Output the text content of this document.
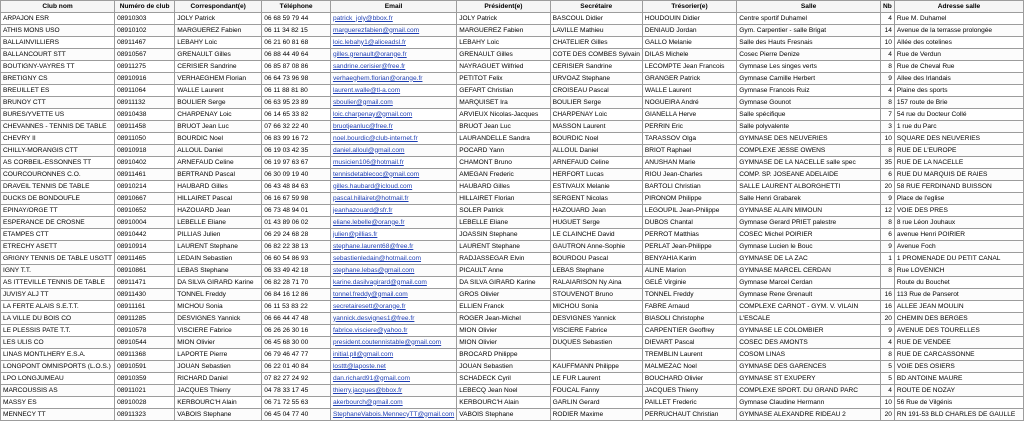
Club nom	Numéro de club	Correspondant(e)	Téléphone	Email	Président(e)	Secrétaire	Trésorier(e)	Salle	Nb	Adresse salle
ARPAJON ESR	08910303	JOLY Patrick	06 68 59 79 44	patrick_joly@bbox.fr	JOLY Patrick	BASCOUL Didier	HOUDOUIN Didier	Centre sportif Duhamel	4	Rue M. Duhamel
ATHIS MONS USO	08910102	MARGUEREZ Fabien	06 11 34 82 15	marguerezfabien@gmail.com	MARGUEREZ Fabien	LAVILLE Mathieu	DENIAUD Jordan	Gym. Carpentier - salle Brigat	14	Avenue de la terrasse prolongée
BALLAINVILLIERS	08911467	LEBAHY Loic	06 21 60 81 68	loic.lebahy1@aliceadsl.fr	LEBAHY Loic	CHATELIER Gilles	GALLO Melanie	Salle des Hauts Fresnais	10	Allée des cotelines
BALLANCOURT STT	08910567	GRENAULT Gilles	06 88 44 49 64	gilles.grenault@orange.fr	GRENAULT Gilles	COTE DES COMBES Sylvain	DILAS Michele	Cosec Pierre Denize	4	Rue de Verdun
BOUTIGNY-VAYRES TT	08911275	CERISIER Sandrine	06 85 87 08 86	sandrine.cerisier@free.fr	NAYRAGUET Wilfried	CERISIER Sandrine	LECOMPTE Jean Francois	Gymnase Les singes verts	8	Rue de Cheval Rue
BRETIGNY CS	08910916	VERHAEGHEM Florian	06 64 73 96 98	verhaeghem.florian@orange.fr	PETITOT Felix	URVOAZ Stephane	GRANGER Patrick	Gymnase Camille Herbert	9	Allee des Irlandais
BREUILLET ES	08911064	WALLE Laurent	06 11 88 81 80	laurent.walle@tl-a.com	GEFART Christian	CROISEAU Pascal	WALLE Laurent	Gymnase Francois Ruiz	4	Plaine des sports
BRUNOY CTT	08911132	BOULIER Serge	06 63 95 23 89	sboulier@gmail.com	MARQUISET Ira	BOULIER Serge	NOGUEIRA André	Gymnase Gounot	8	157 route de Brie
BURES/YVETTE US	08910438	CHARPENAY Loic	06 14 65 33 82	loic.charpenay@gmail.com	ARVIEUX Nicolas-Jacques	CHARPENAY Loic	GIANELLA Herve	Salle spécifique	7	54 rue du Docteur Collé
CHEVANNES - TENNIS DE TABLE	08911458	BRUOT Jean Luc	07 66 32 22 40	bruotjeanluc@free.fr	BRUOT Jean Luc	MASSON Laurent	PERRIN Eric	Salle polyvalente	3	1 rue du Parc
CHEVRY II	08911050	BOURDIC Noel	06 83 99 16 72	noel.bourdic@club-internet.fr	LAURANDELLE Sandra	BOURDIC Noel	TARASSOV Olga	GYMNASE DES NEUVERIES	10	SQUARE DES NEUVERIES
CHILLY-MORANGIS CTT	08910918	ALLOUL Daniel	06 19 03 42 35	daniel.alloul@gmail.com	POCARD Yann	ALLOUL Daniel	BRIOT Raphael	COMPLEXE JESSE OWENS	8	RUE DE L'EUROPE
AS CORBEIL-ESSONNES TT	08910402	ARNEFAUD Celine	06 19 97 63 67	musicien106@hotmail.fr	CHAMONT Bruno	ARNEFAUD Celine	ANUSHAN Marie	GYMNASE DE LA NACELLE salle spec	35	RUE DE LA NACELLE
COURCOURONNES C.O.	08911461	BERTRAND Pascal	06 30 09 19 40	tennisdetablecoc@gmail.com	AMEGAN Frederic	HERFORT Lucas	RIOU Jean-Charles	COMP. SP. JOSEANE ADELAIDE	6	RUE DU MARQUIS DE RAIES
DRAVEIL TENNIS DE TABLE	08910214	HAUBARD Gilles	06 43 48 84 63	gilles.haubard@icloud.com	HAUBARD Gilles	ESTIVAUX Melanie	BARTOLI Christian	SALLE LAURENT ALBORGHETTI	20	58 RUE FERDINAND BUISSON
DUCKS DE BONDOUFLE	08910667	HILLAIRET Pascal	06 16 67 59 98	pascal.hillairet@hotmail.fr	HILLAIRET Florian	SERGENT Nicolas	PIRONOM Philippe	Salle Henri Grabarek	9	Place de l'eglise
EPINAY/ORGE TT	08910652	HAZOUARD Jean	06 73 48 94 01	jeanhazouard@sfr.fr	SOLER Patrick	HAZOUARD Jean	LEGOUPIL Jean-Philippe	GYMNASE ALAIN MIMOUN	12	VOIE DES PRES
ESPERANCE DE CROSNE	08910004	LEBELLE Eliane	01 43 89 06 02	eliane.lebelle@orange.fr	LEBELLE Eliane	HUGUET Serge	DUBOS Chantal	Gymnase Gerard PRIET palestre	8	8 rue Léon Jouhaux
ETAMPES CTT	08910442	PILLIAS Julien	06 29 24 68 28	julien@pillias.fr	JOASSIN Stephane	LE CLAINCHE David	PERROT Matthias	COSEC Michel POIRIER	6	avenue Henri POIRIER
ETRECHY ASETT	08910914	LAURENT Stephane	06 82 22 38 13	stephane.laurent68@free.fr	LAURENT Stephane	GAUTRON Anne-Sophie	PERLAT Jean-Philippe	Gymnase Lucien le Bouc	9	Avenue Foch
GRIGNY TENNIS DE TABLE USGTT	08911465	LEDAIN Sebastien	06 60 54 86 93	sebastienledain@hotmail.com	RADJASSEGAR Elvin	BOURDOU Pascal	BENYAHIA Karim	GYMNASE DE LA ZAC	1	1 PROMENADE DU PETIT CANAL
IGNY T.T.	08910861	LEBAS Stephane	06 33 49 42 18	stephane.lebas@gmail.com	PICAULT Anne	LEBAS Stephane	ALINE Marion	GYMNASE MARCEL CERDAN	8	Rue LOVENICH
AS ITTEVILLE TENNIS DE TABLE	08911471	DA SILVA GIRARD Karine	06 82 28 71 70	karine.dasilvagirard@gmail.com	DA SILVA GIRARD Karine	RALAIARISON Ny Aina	GELÉ Virginie	Gymnase Marcel Cerdan		Route du Bouchet
JUVISY ALJ TT	08911430	TONNEL Freddy	06 84 16 12 86	tonnel.freddy@gmail.com	GROS Olivier	STOUVENOT Bruno	TONNEL Freddy	Gymnase Rene Grenault	16	113 Rue de Panserot
LA FERTE ALAIS S.E.T.T.	08911161	MICHOU Sonia	06 11 53 83 22	secretairesett@orange.fr	ELLIEN Franck	MICHOU Sonia	FABRE Arnaud	COMPLEXE CARNOT - GYM. V. VILAIN	16	ALLEE JEAN MOULIN
LA VILLE DU BOIS CO	08911285	DESVIGNES Yannick	06 66 44 47 48	yannick.desvignes1@free.fr	ROGER Jean-Michel	DESVIGNES Yannick	BIASOLI Christophe	L'ESCALE	20	CHEMIN DES BERGES
LE PLESSIS PATE T.T.	08910578	VISCIERE Fabrice	06 26 26 30 16	fabrice.visciere@yahoo.fr	MION Olivier	VISCIERE Fabrice	CARPENTIER Geoffrey	GYMNASE LE COLOMBIER	9	AVENUE DES TOURELLES
LES ULIS CO	08910544	MION Olivier	06 45 68 30 00	president.coutennistable@gmail.com	MION Olivier	DUQUES Sebastien	DIEVART Pascal	COSEC DES AMONTS	4	RUE DE VENDEE
LINAS MONTLHERY E.S.A.	08911368	LAPORTE Pierre	06 79 46 47 77	initial.pll@gmail.com	BROCARD Philippe		TREMBLIN Laurent	COSOM LINAS	8	RUE DE CARCASSONNE
LONGPONT OMNISPORTS (L.O.S.)	08910591	JOUAN Sebastien	06 22 01 40 84	losttt@laposte.net	JOUAN Sebastien	KAUFFMANN Philippe	MALMEZAC Noel	GYMNASE DES GARENCES	5	VOIE DES OSIERS
LPO LONGJUMEAU	08910359	RICHARD Daniel	07 82 27 24 92	dan.richard91@gmail.com	SCHADECK Cyril	LE FUR Laurent	BOUCHARD Olivier	GYMNASE ST EXUPERY	5	BD ANTOINE MAURE
MARCOUSSIS AS	08911021	JACQUES Thierry	04 78 33 17 45	thierry.jacques@bbox.fr	LEBECQ Jean Noel	FOUCAL Fanny	JACQUES Thierry	COMPLEXE SPORT. DU GRAND PARC	4	ROUTE DE NOZAY
MASSY ES	08910028	KERBOURC'H Alain	06 71 72 55 63	akerbourch@gmail.com	KERBOURC'H Alain	GARLIN Gerard	PAILLET Frederic	Gymnase Claudine Hermann	10	56 Rue de Vilgénis
MENNECY TT	08911323	VABOIS Stephane	06 45 04 77 40	StephaneVabois.MennecyTT@gmail.com	VABOIS Stephane	RODIER Maxime	PERRUCHAUT Christian	GYMNASE ALEXANDRE RIDEAU 2	20	RN 191-53 BLD CHARLES DE GAULLE
